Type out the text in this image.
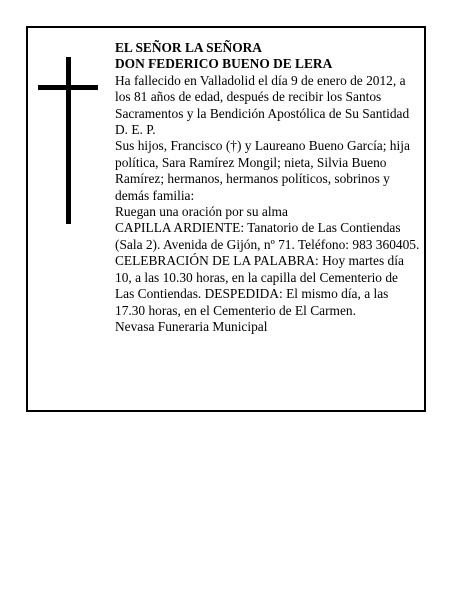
EL SEÑOR LA SEÑORA

DON FEDERICO BUENO DE LERA

Ha fallecido en Valladolid el día 9 de enero de 2012, a los 81 años de edad, después de recibir los Santos Sacramentos y la Bendición Apostólica de Su Santidad D. E. P.

Sus hijos, Francisco (†) y Laureano Bueno García; hija política, Sara Ramírez Mongil; nieta, Silvia Bueno Ramírez; hermanos, hermanos políticos, sobrinos y demás familia:

Ruegan una oración por su alma

CAPILLA ARDIENTE: Tanatorio de Las Contiendas (Sala 2). Avenida de Gijón, nº 71. Teléfono: 983 360405.

CELEBRACIÓN DE LA PALABRA: Hoy martes día 10, a las 10.30 horas, en la capilla del Cementerio de Las Contiendas. DESPEDIDA: El mismo día, a las 17.30 horas, en el Cementerio de El Carmen.

Nevasa Funeraria Municipal
